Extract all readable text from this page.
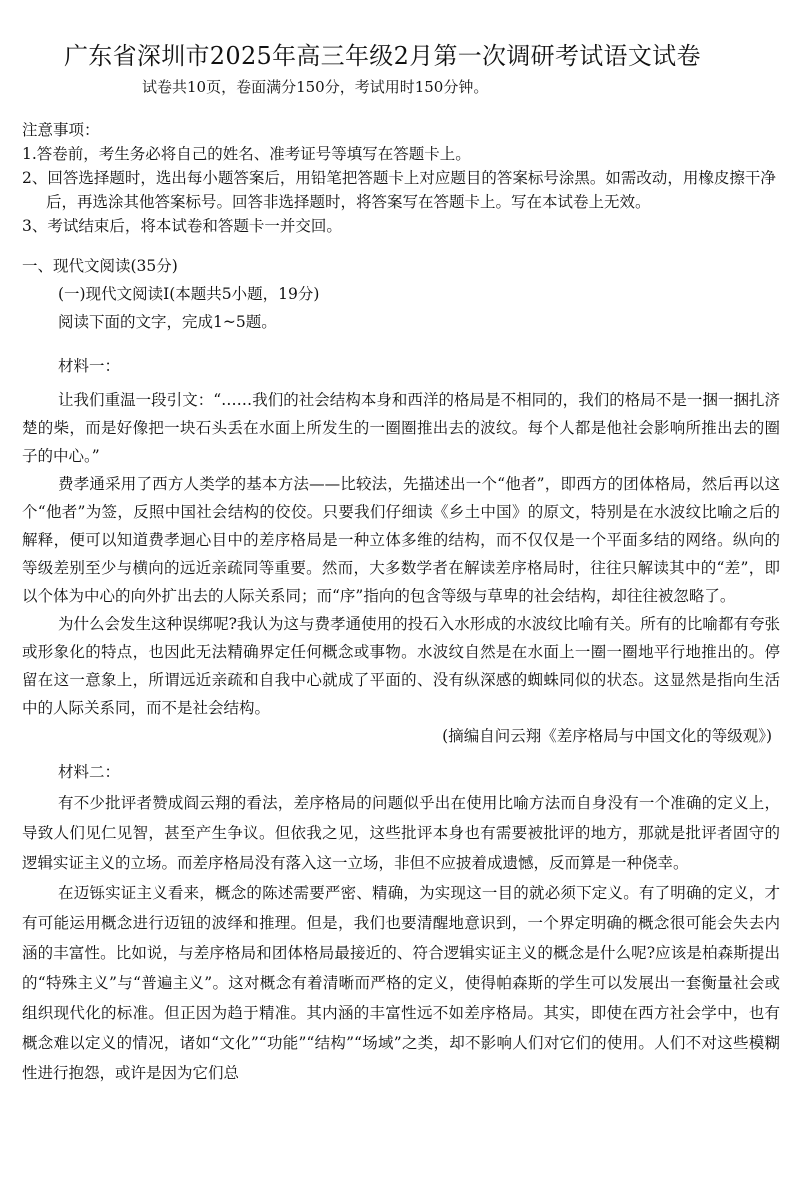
广东省深圳市2025年高三年级2月第一次调研考试语文试卷
试卷共10页，卷面满分150分，考试用时150分钟。

注意事项：

1.答卷前，考生务必将自己的姓名、准考证号等填写在答题卡上。

2、回答选择题时，选出每小题答案后，用铅笔把答题卡上对应题目的答案标号涂黑。如需改动，用橡皮擦干净后，再选涂其他答案标号。回答非选择题时，将答案写在答题卡上。写在本试卷上无效。

3、考试结束后，将本试卷和答题卡一并交回。

一、现代文阅读(35分)

(一)现代文阅读I(本题共5小题，19分)

阅读下面的文字，完成1~5题。

材料一：

让我们重温一段引文：“……我们的社会结构本身和西洋的格局是不相同的，我们的格局不是一捆一捆扎济楚的柴，而是好像把一块石头丢在水面上所发生的一圈圈推出去的波纹。每个人都是他社会影响所推出去的圈子的中心。”

费孝通采用了西方人类学的基本方法——比较法，先描述出一个“他者”，即西方的团体格局，然后再以这个“他者”为签，反照中国社会结构的佼佼。只要我们仔细读《乡土中国》的原文，特别是在水波纹比喻之后的解释，便可以知道费孝迴心目中的差序格局是一种立体多维的结构，而不仅仅是一个平面多结的网络。纵向的等级差别至少与横向的远近亲疏同等重要。然而，大多数学者在解读差序格局时，往往只解读其中的“差”，即以个体为中心的向外扩出去的人际关系同；而“序”指向的包含等级与草卑的社会结构，却往往被忽略了。

为什么会发生这种误绑呢?我认为这与费孝通使用的投石入水形成的水波纹比喻有关。所有的比喻都有夸张或形象化的特点，也因此无法精确界定任何概念或事物。水波纹自然是在水面上一圈一圈地平行地推出的。停留在这一意象上，所谓远近亲疏和自我中心就成了平面的、没有纵深感的蜘蛛同似的状态。这显然是指向生活中的人际关系同，而不是社会结构。

(摘编自问云翔《差序格局与中国文化的等级观》)

材料二：

有不少批评者赞成阎云翔的看法，差序格局的问题似乎出在使用比喻方法而自身没有一个准确的定义上，导致人们见仁见智，甚至产生争议。但依我之见，这些批评本身也有需要被批评的地方，那就是批评者固守的逻辑实证主义的立场。而差序格局没有落入这一立场，非但不应披着成遗憾，反而算是一种侥幸。

在迈铄实证主义看来，概念的陈述需要严密、精确，为实现这一目的就必须下定义。有了明确的定义，才有可能运用概念进行迈钮的波绎和推理。但是，我们也要清醒地意识到，一个界定明确的概念很可能会失去内涵的丰富性。比如说，与差序格局和团体格局最接近的、符合逻辑实证主义的概念是什么呢?应该是柏森斯提出的“特殊主义”与“普遍主义”。这对概念有着清晰而严格的定义，使得帕森斯的学生可以发展出一套衡量社会或组织现代化的标准。但正因为趋于精准。其内涵的丰富性远不如差序格局。其实，即使在西方社会学中，也有概念难以定义的情况，诸如“文化”“功能”“结构”“场域”之类，却不影响人们对它们的使用。人们不对这些模糊性进行抱怨，或许是因为它们总
